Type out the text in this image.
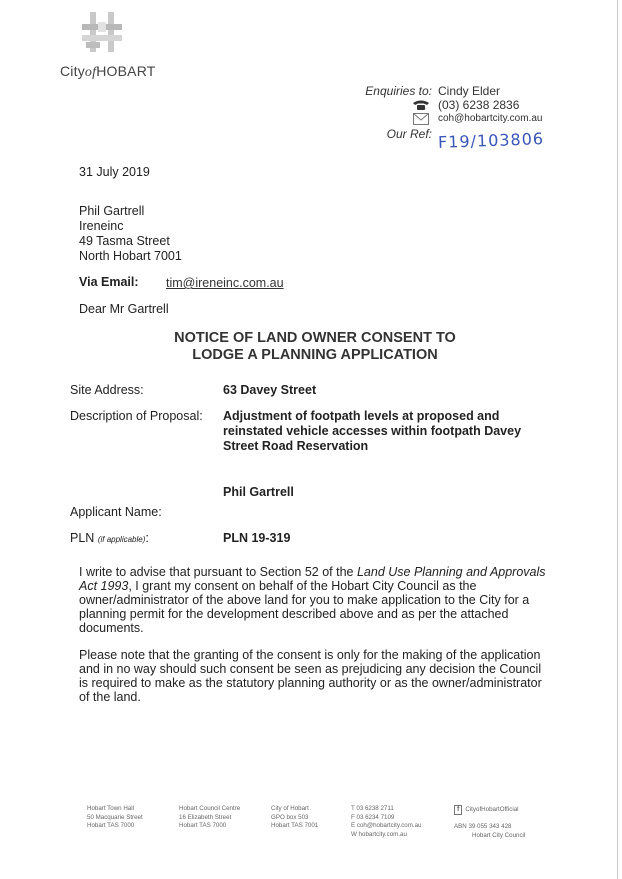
CityofHOBART
Enquiries to: Cindy Elder
: (03) 6238 2836
coh@hobartcity.com.au
Our Ref: F19/103806
31 July 2019
Phil Gartrell
Ireneinc
49 Tasma Street
North Hobart 7001
Via Email: tim@ireneinc.com.au
Dear Mr Gartrell
NOTICE OF LAND OWNER CONSENT TO
LODGE A PLANNING APPLICATION
Site Address:	63 Davey Street
Description of Proposal: Adjustment of footpath levels at proposed and
reinstated vehicle accesses within footpath Davey
Street Road Reservation
Phil Gartrell
Applicant Name:
PLN (if applicable):	PLN 19-319
I write to advise that pursuant to Section 52 of the Land Use Planning and Approvals Act 1993, I grant my consent on behalf of the Hobart City Council as the owner/administrator of the above land for you to make application to the City for a planning permit for the development described above and as per the attached documents.
Please note that the granting of the consent is only for the making of the application and in no way should such consent be seen as prejudicing any decision the Council is required to make as the statutory planning authority or as the owner/administrator of the land.
Hobart Town Hall
50 Macquarie Street
Hobart TAS 7000
Hobart Council Centre
16 Elizabeth Street
Hobart TAS 7000
City of Hobart
GPO box 503
Hobart TAS 7001
T 03 6238 2711
F 03 6234 7109
E coh@hobartcity.com.au
W hobartcity.com.au
f CityofHobartOfficial
ABN 39 055 343 428
Hobart City Council
